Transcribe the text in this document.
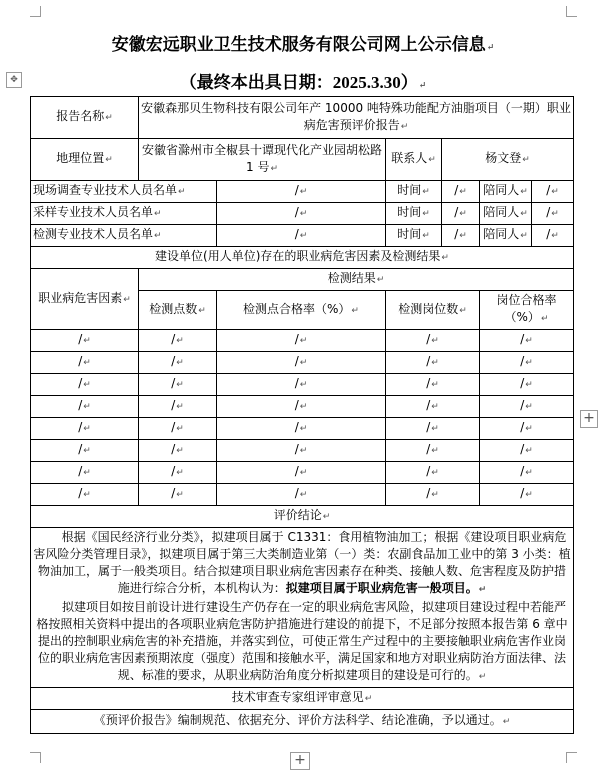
✥
+
+
安徽宏远职业卫生技术服务有限公司网上公示信息 ↵
（最终本出具日期：2025.3.30） ↵
报告名称 ↵	安徽森那贝生物科技有限公司年产 10000 吨特殊功能配方油脂项目（一期）职业病危害预评价报告 ↵
地理位置 ↵	安徽省滁州市全椒县十谭现代化产业园胡松路 1 号 ↵		联系人 ↵	杨文登 ↵
现场调查专业技术人员名单 ↵		/ ↵	时间 ↵	/ ↵	陪同人 ↵	/ ↵
采样专业技术人员名单 ↵		/ ↵	时间 ↵	/ ↵	陪同人 ↵	/ ↵
检测专业技术人员名单 ↵		/ ↵	时间 ↵	/ ↵	陪同人 ↵	/ ↵
建设单位(用人单位)存在的职业病危害因素及检测结果 ↵
职业病危害因素 ↵	检测结果 ↵
	检测点数 ↵	检测点合格率（%） ↵	检测岗位数 ↵		岗位合格率（%） ↵
/ ↵	/ ↵	/ ↵	/ ↵		/ ↵
/ ↵	/ ↵	/ ↵	/ ↵		/ ↵
/ ↵	/ ↵	/ ↵	/ ↵		/ ↵
/ ↵	/ ↵	/ ↵	/ ↵		/ ↵
/ ↵	/ ↵	/ ↵	/ ↵		/ ↵
/ ↵	/ ↵	/ ↵	/ ↵		/ ↵
/ ↵	/ ↵	/ ↵	/ ↵		/ ↵
/ ↵	/ ↵	/ ↵	/ ↵		/ ↵
评价结论 ↵

根据《国民经济行业分类》，拟建项目属于 C1331：食用植物油加工；根据《建设项目职业病危害风险分类管理目录》，拟建项目属于第三大类制造业第（一）类：农副食品加工业中的第 3 小类：植物油加工，属于一般类项目。结合拟建项目职业病危害因素存在种类、接触人数、危害程度及防护措施进行综合分析，本机构认为：拟建项目属于职业病危害一般项目。 ↵
拟建项目如按目前设计进行建设生产仍存在一定的职业病危害风险，拟建项目建设过程中若能严格按照相关资料中提出的各项职业病危害防护措施进行建设的前提下，不足部分按照本报告第 6 章中提出的控制职业病危害的补充措施，并落实到位，可使正常生产过程中的主要接触职业病危害作业岗位的职业病危害因素预期浓度（强度）范围和接触水平，满足国家和地方对职业病防治方面法律、法规、标准的要求，从职业病防治角度分析拟建项目的建设是可行的。 ↵

技术审查专家组评审意见 ↵
《预评价报告》编制规范、依据充分、评价方法科学、结论准确，予以通过。 ↵
